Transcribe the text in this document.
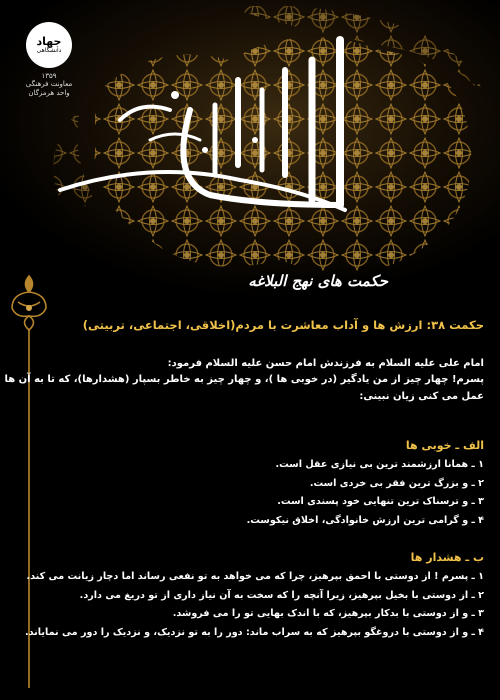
حکمت های نهج البلاغه
جهاد
دانشگاهی
۱۳۵۹
معاونت فرهنگی
واحد هرمزگان
حکمت ۳۸: ارزش ها و آداب معاشرت با مردم(اخلاقی، اجتماعی، تربیتی)
امام علی علیه السلام به فرزندش امام حسن علیه السلام فرمود:
پسرم! چهار چیز از من یادگیر (در خوبی ها )، و چهار چیز به خاطر بسپار (هشدارها)، که تا به آن ها
عمل می کنی زیان نبینی:
الف ـ خوبی ها
۱ ـ همانا ارزشمند ترین بی نیازی عقل است.
۲ ـ و بزرگ ترین فقر بی خردی است.
۳ ـ و ترسناک ترین تنهایی خود پسندی است.
۴ ـ و گرامی ترین ارزش خانوادگی، اخلاق نیکوست.
ب ـ هشدار ها
۱ ـ پسرم ! از دوستی با احمق بپرهیز، چرا که می خواهد به تو نفعی رساند اما دچار زیانت می کند.
۲ ـ از دوستی با بخیل بپرهیز، زیرا آنچه را که سخت به آن نیاز داری از تو دریغ می دارد.
۳ ـ و از دوستی با بدکار بپرهیز، که با اندک بهایی تو را می فروشد.
۴ ـ و از دوستی با دروغگو بپرهیز که به سراب ماند: دور را به تو نزدیک، و نزدیک را دور می نمایاند.
